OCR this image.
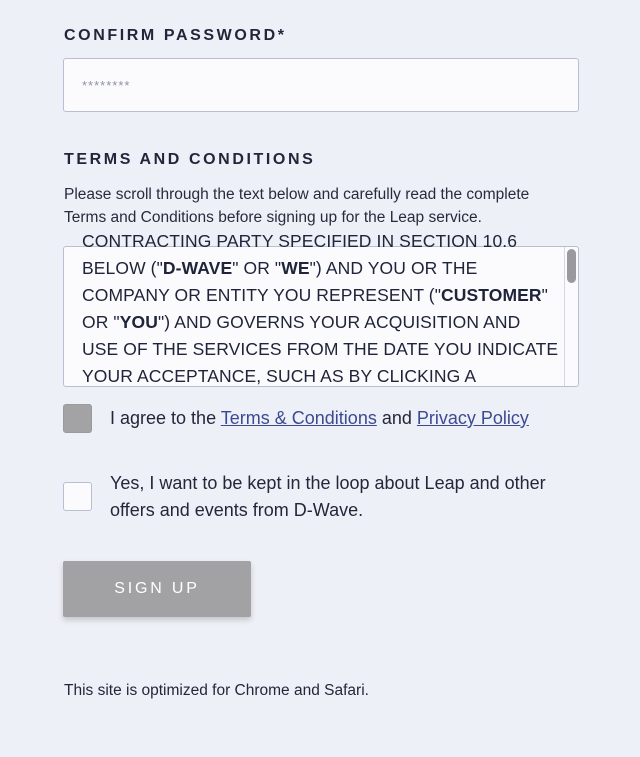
CONFIRM PASSWORD*
TERMS AND CONDITIONS

Please scroll through the text below and carefully read the complete Terms and Conditions before signing up for the Leap service.

CONTRACTING PARTY SPECIFIED IN SECTION 10.6
BELOW ("D-WAVE" OR "WE") AND YOU OR THE
COMPANY OR ENTITY YOU REPRESENT ("CUSTOMER"
OR "YOU") AND GOVERNS YOUR ACQUISITION AND
USE OF THE SERVICES FROM THE DATE YOU INDICATE
YOUR ACCEPTANCE, SUCH AS BY CLICKING A

I agree to the Terms & Conditions and Privacy Policy

Yes, I want to be kept in the loop about Leap and other offers and events from D-Wave.

SIGN UP

This site is optimized for Chrome and Safari.
